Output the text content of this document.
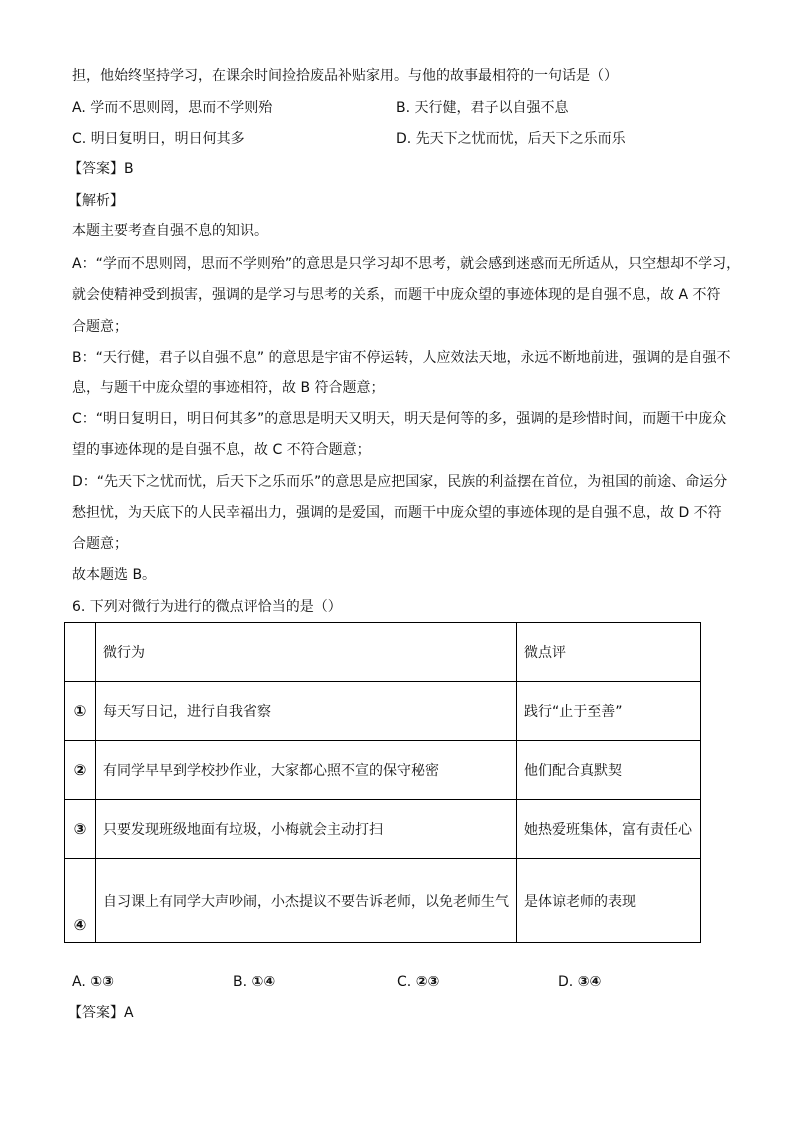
担，他始终坚持学习，在课余时间捡拾废品补贴家用。与他的故事最相符的一句话是（）
A. 学而不思则罔，思而不学则殆	B. 天行健，君子以自强不息
C. 明日复明日，明日何其多	D. 先天下之忧而忧，后天下之乐而乐
【答案】B
【解析】
本题主要考查自强不息的知识。
A：“学而不思则罔，思而不学则殆”的意思是只学习却不思考，就会感到迷惑而无所适从，只空想却不学习，
就会使精神受到损害，强调的是学习与思考的关系，而题干中庞众望的事迹体现的是自强不息，故 A 不符
合题意；
B：“天行健，君子以自强不息” 的意思是宇宙不停运转，人应效法天地，永远不断地前进，强调的是自强不
息，与题干中庞众望的事迹相符，故 B 符合题意；
C：“明日复明日，明日何其多”的意思是明天又明天，明天是何等的多，强调的是珍惜时间，而题干中庞众
望的事迹体现的是自强不息，故 C 不符合题意；
D：“先天下之忧而忧，后天下之乐而乐”的意思是应把国家，民族的利益摆在首位，为祖国的前途、命运分
愁担忧，为天底下的人民幸福出力，强调的是爱国，而题干中庞众望的事迹体现的是自强不息，故 D 不符
合题意；
故本题选 B。
6. 下列对微行为进行的微点评恰当的是（）
	微行为	微点评
①	每天写日记，进行自我省察	践行“止于至善”
②	有同学早早到学校抄作业，大家都心照不宣的保守秘密	他们配合真默契
③	只要发现班级地面有垃圾，小梅就会主动打扫	她热爱班集体，富有责任心
④	自习课上有同学大声吵闹，小杰提议不要告诉老师，以免老师生气	是体谅老师的表现
A. ①③	B. ①④	C. ②③	D. ③④
【答案】A
